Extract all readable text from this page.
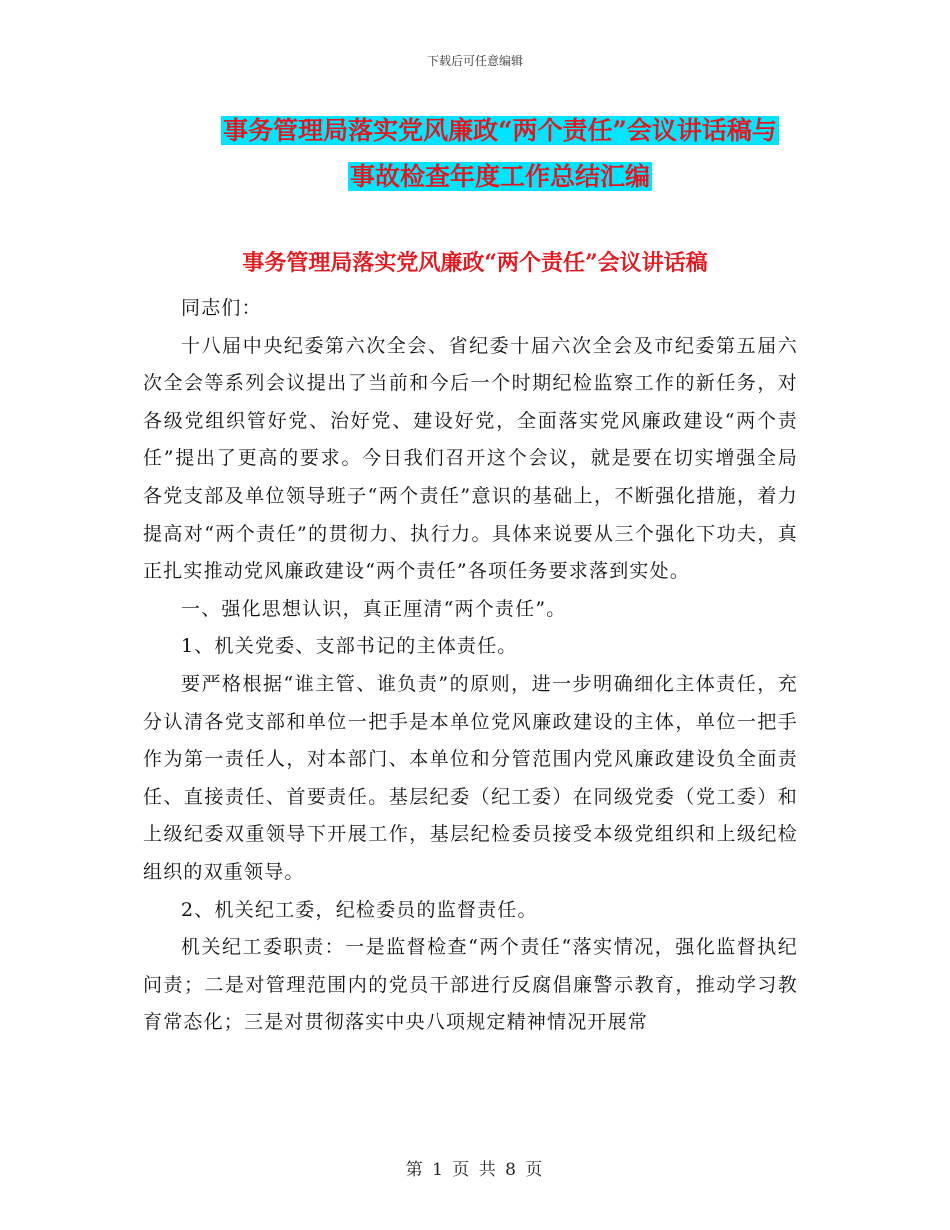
下载后可任意编辑
事务管理局落实党风廉政“两个责任”会议讲话稿与
事故检查年度工作总结汇编
事务管理局落实党风廉政“两个责任”会议讲话稿

同志们：

十八届中央纪委第六次全会、省纪委十届六次全会及市纪委第五届六次全会等系列会议提出了当前和今后一个时期纪检监察工作的新任务，对各级党组织管好党、治好党、建设好党，全面落实党风廉政建设“两个责任”提出了更高的要求。今日我们召开这个会议，就是要在切实增强全局各党支部及单位领导班子“两个责任”意识的基础上，不断强化措施，着力提高对“两个责任”的贯彻力、执行力。具体来说要从三个强化下功夫，真正扎实推动党风廉政建设“两个责任”各项任务要求落到实处。

一、强化思想认识，真正厘清“两个责任”。

1、机关党委、支部书记的主体责任。

要严格根据“谁主管、谁负责”的原则，进一步明确细化主体责任，充分认清各党支部和单位一把手是本单位党风廉政建设的主体，单位一把手作为第一责任人，对本部门、本单位和分管范围内党风廉政建设负全面责任、直接责任、首要责任。基层纪委（纪工委）在同级党委（党工委）和上级纪委双重领导下开展工作，基层纪检委员接受本级党组织和上级纪检组织的双重领导。

2、机关纪工委，纪检委员的监督责任。

机关纪工委职责：一是监督检查“两个责任“落实情况，强化监督执纪问责；二是对管理范围内的党员干部进行反腐倡廉警示教育，推动学习教育常态化；三是对贯彻落实中央八项规定精神情况开展常

第 1 页 共 8 页
